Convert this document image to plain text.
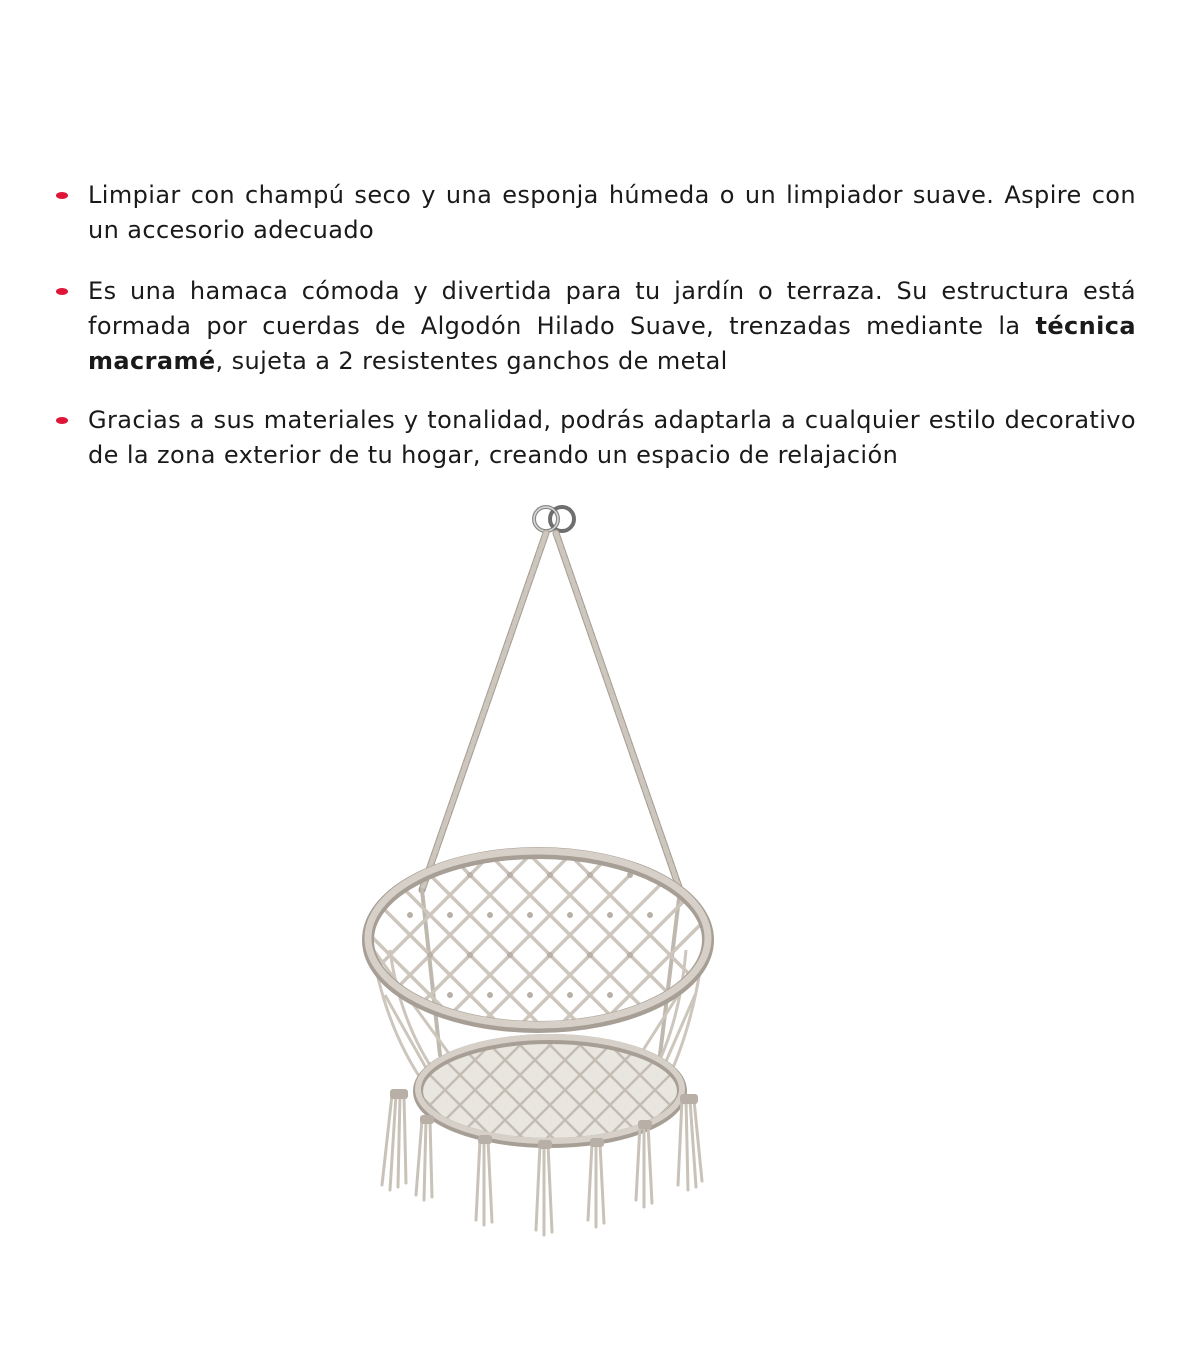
Limpiar con champú seco y una esponja húmeda o un limpiador suave. Aspire con un accesorio adecuado
Es una hamaca cómoda y divertida para tu jardín o terraza. Su estructura está formada por cuerdas de Algodón Hilado Suave, trenzadas mediante la técnica macramé, sujeta a 2 resistentes ganchos de metal
Gracias a sus materiales y tonalidad, podrás adaptarla a cualquier estilo decorativo de la zona exterior de tu hogar, creando un espacio de relajación
